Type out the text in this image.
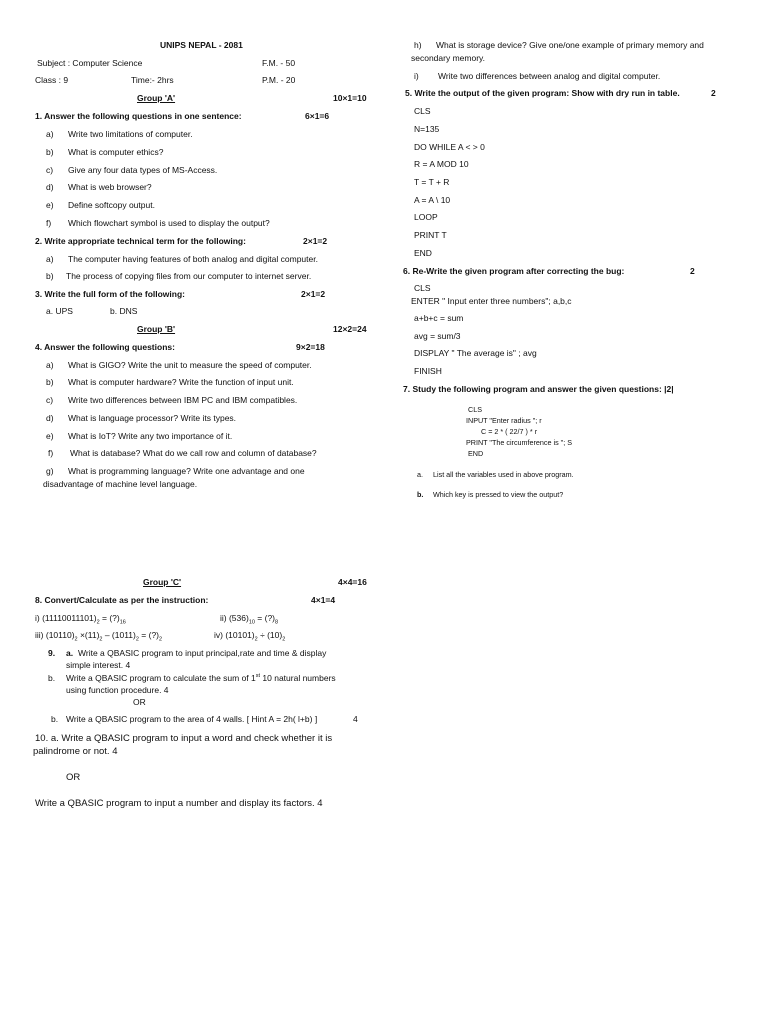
UNIPS NEPAL - 2081
Subject : Computer Science	F.M. - 50
Class : 9	Time:- 2hrs	P.M. - 20
Group 'A'	10×1=10
1. Answer the following questions in one sentence:	6×1=6
a) Write two limitations of computer.
b) What is computer ethics?
c) Give any four data types of MS-Access.
d) What is web browser?
e) Define softcopy output.
f) Which flowchart symbol is used to display the output?
2. Write appropriate technical term for the following:	2×1=2
a) The computer having features of both analog and digital computer.
b) The process of copying files from our computer to internet server.
3. Write the full form of the following:	2×1=2
a. UPS	b. DNS
Group 'B'	12×2=24
4. Answer the following questions:	9×2=18
a) What is GIGO? Write the unit to measure the speed of computer.
b) What is computer hardware? Write the function of input unit.
c) Write two differences between IBM PC and IBM compatibles.
d) What is language processor? Write its types.
e) What is IoT? Write any two importance of it.
f) What is database? What do we call row and column of database?
g) What is programming language? Write one advantage and one
disadvantage of machine level language.
h) What is storage device? Give one/one example of primary memory and
secondary memory.
i) Write two differences between analog and digital computer.
5. Write the output of the given program: Show with dry run in table.	2
CLS
N=135
DO WHILE A < > 0
R = A MOD 10
T = T + R
A = A \ 10
LOOP
PRINT T
END
6. Re-Write the given program after correcting the bug:	2
CLS
ENTER " Input enter three numbers"; a,b,c
a+b+c = sum
avg = sum/3
DISPLAY " The average is" ; avg
FINISH
7. Study the following program and answer the given questions: |2|
CLS
INPUT "Enter radius "; r
C = 2 * ( 22/7 ) * r
PRINT "The circumference is "; S
END
a. List all the variables used in above program.
b. Which key is pressed to view the output?
Group 'C'	4×4=16
8. Convert/Calculate as per the instruction:	4×1=4
i) $(11110011101)_2$ = $(?)_{16}$	ii) $(536)_{10}$ = $(?)_8$
iii) $(10110)_2 \times(11)_2 - (1011)_2$ = $(?)_2$	iv) $(10101)_2 \div (10)_2$
9. a. Write a QBASIC program to input principal,rate and time & display
simple interest. 4
b. Write a QBASIC program to calculate the sum of 1st 10 natural numbers
using function procedure. 4
OR
b. Write a QBASIC program to the area of 4 walls. [ Hint A = 2h( l+b) ]	4
10. a. Write a QBASIC program to input a word and check whether it is
palindrome or not. 4
OR
Write a QBASIC program to input a number and display its factors. 4
